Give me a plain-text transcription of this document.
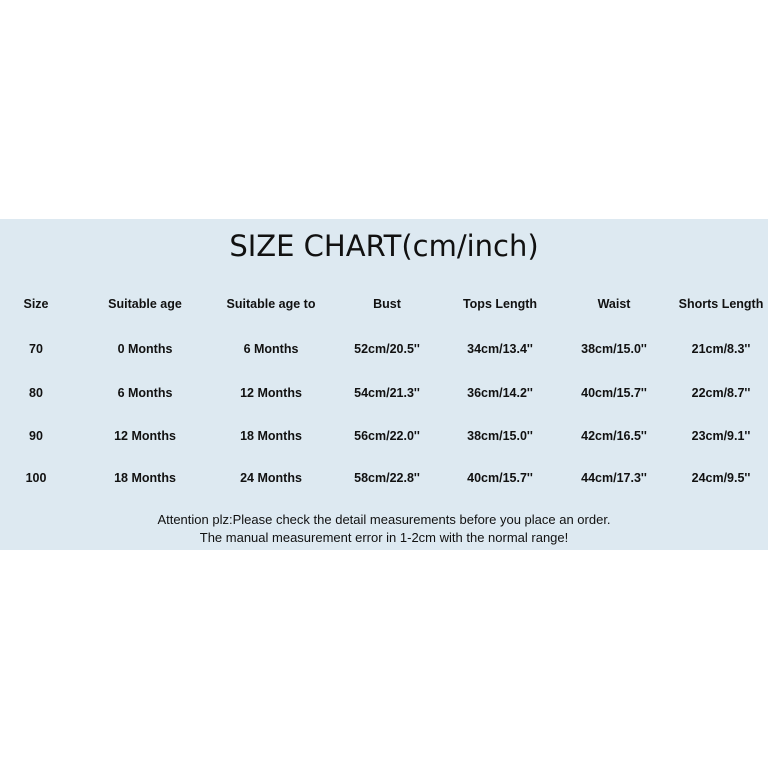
SIZE CHART(cm/inch)
Size	Suitable age	Suitable age to	Bust	Tops Length	Waist	Shorts Length
70	0 Months	6 Months	52cm/20.5''	34cm/13.4''	38cm/15.0''	21cm/8.3''
80	6 Months	12 Months	54cm/21.3''	36cm/14.2''	40cm/15.7''	22cm/8.7''
90	12 Months	18 Months	56cm/22.0''	38cm/15.0''	42cm/16.5''	23cm/9.1''
100	18 Months	24 Months	58cm/22.8''	40cm/15.7''	44cm/17.3''	24cm/9.5''
Attention plz:Please check the detail measurements before you place an order.
The manual measurement error in 1-2cm with the normal range!
